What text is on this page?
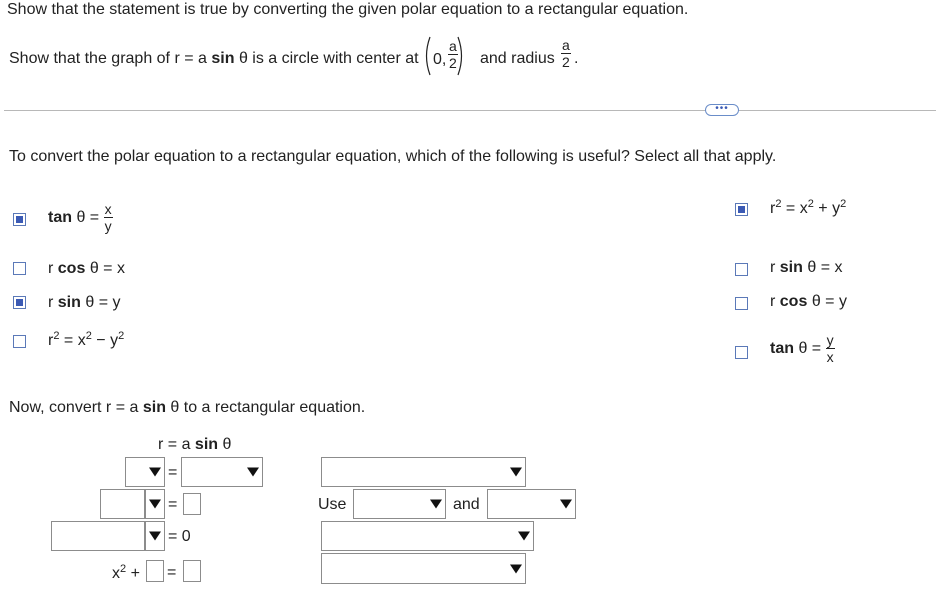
Show that the statement is true by converting the given polar equation to a rectangular equation.
Show that the graph of r = a
sin
θ is a circle with center at 0, $\frac{a}{2}$ and radius $\frac{a}{2}$ .
•••
To convert the polar equation to a rectangular equation, which of the following is useful? Select all that apply.
tan
θ =
$\frac{x}{y}$
r cos θ = x
r sin θ = y
$r^2 = x^2 - y^2$
$r^2 = x^2 + y^2$
r sin θ = x
r cos θ = y
tan
θ =
$\frac{y}{x}$
Now, convert r = a sin θ to a rectangular equation.
r = a sin θ
=
=
= 0
$x^2$ + =
Use	and
